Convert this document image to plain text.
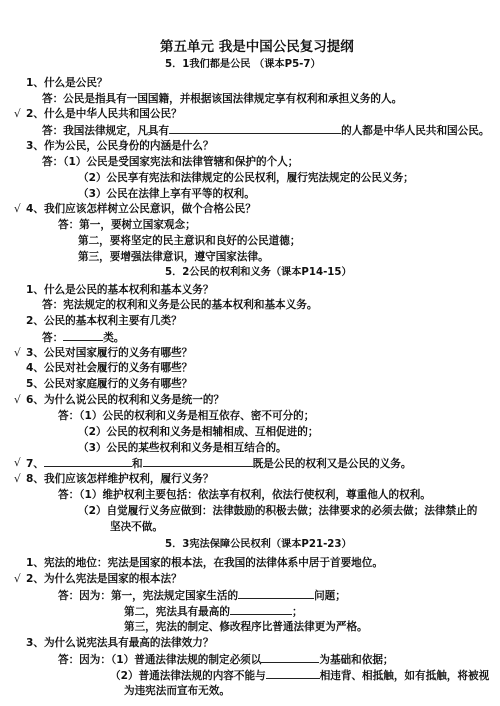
第五单元 我是中国公民复习提纲
5．1我们都是公民 （课本P5-7）
1、什么是公民？
答：公民是指具有一国国籍，并根据该国法律规定享有权利和承担义务的人。
√ 2、什么是中华人民共和国公民？
答：我国法律规定，凡具有	的人都是中华人民共和国公民。
3、作为公民，公民身份的内涵是什么？
答：（1）公民是受国家宪法和法律管辖和保护的个人；
（2）公民享有宪法和法律规定的公民权利，履行宪法规定的公民义务；
（3）公民在法律上享有平等的权利。
√ 4、我们应该怎样树立公民意识，做个合格公民？
答：第一，要树立国家观念；
第二，要将坚定的民主意识和良好的公民道德；
第三，要增强法律意识，遵守国家法律。
5．2公民的权利和义务（课本P14-15）
1、什么是公民的基本权利和基本义务？
答：宪法规定的权利和义务是公民的基本权利和基本义务。
2、公民的基本权利主要有几类？
答：	类。
√ 3、公民对国家履行的义务有哪些？
4、公民对社会履行的义务有哪些？
5、公民对家庭履行的义务有哪些？
√ 6、为什么说公民的权利和义务是统一的？
答：（1）公民的权利和义务是相互依存、密不可分的；
（2）公民的权利和义务是相辅相成、互相促进的；
（3）公民的某些权利和义务是相互结合的。
√ 7、	和	既是公民的权利又是公民的义务。
√ 8、我们应该怎样维护权利，履行义务？
答：（1）维护权利主要包括：依法享有权利，依法行使权利，尊重他人的权利。
（2）自觉履行义务应做到：法律鼓励的积极去做；法律要求的必须去做；法律禁止的
坚决不做。
5．3宪法保障公民权利（课本P21-23）
1、宪法的地位：宪法是国家的根本法，在我国的法律体系中居于首要地位。
√ 2、为什么宪法是国家的根本法？
答：因为：第一，宪法规定国家生活的	问题；
第二，宪法具有最高的	；
第三，宪法的制定、修改程序比普通法律更为严格。
3、为什么说宪法具有最高的法律效力？
答：因为：（1）普通法律法规的制定必须以	为基础和依据；
（2）普通法律法规的内容不能与	相违背、相抵触，如有抵触，将被视
为违宪法而宣布无效。
